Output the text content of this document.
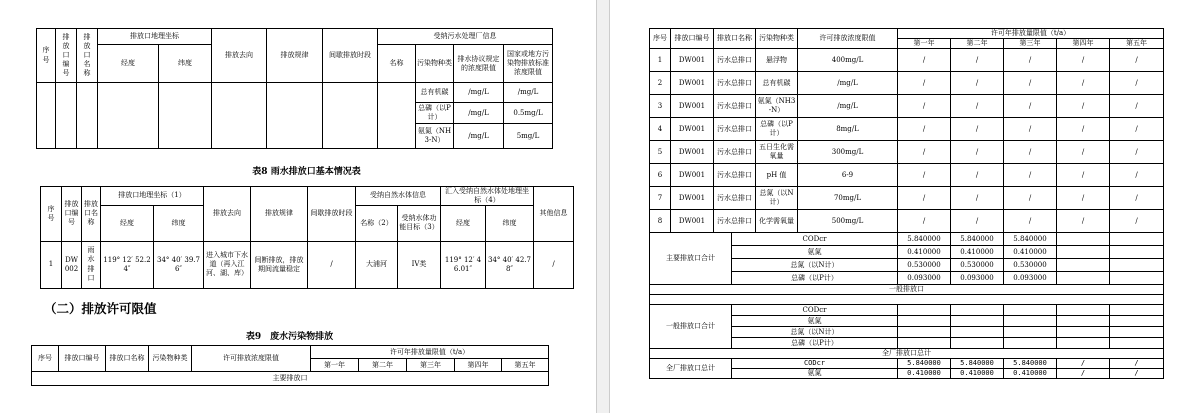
序号	排放口编号	排放口名称	排放口地理坐标		排放去向	排放规律	间歇排放时段	受纳污水处理厂信息			
			经度	纬度				名称	污染物种类	排水协议规定的浓度限值	国家或地方污染物排放标准浓度限值
									总有机碳	/mg/L	/mg/L
									总磷（以P计）	/mg/L	0.5mg/L
									氨氮（NH3-N）	/mg/L	5mg/L
表8 雨水排放口基本情况表
序号	排放口编号	排放口名称	排放口地理坐标（1）		排放去向	排放规律	间歇排放时段	受纳自然水体信息		汇入受纳自然水体处地理坐标（4）		其他信息
			经度	纬度				名称（2）	受纳水体功能目标（3）	经度	纬度	
1	DW002	雨水排口	119° 12′ 52.24″	34° 40′ 39.76″	进入城市下水道（再入江河、湖、库）	间断排放，排放期间流量稳定	/	大浦河	IV类	119° 12′ 46.01″	34° 40′ 42.78″	/
（二）排放许可限值
表9　废水污染物排放
序号	排放口编号	排放口名称	污染物种类	许可排放浓度限值	许可年排放量限值（t/a）				
					第一年	第二年	第三年	第四年	第五年
主要排放口									
序号	排放口编号	排放口名称		污染物种类	许可排放浓度限值	许可年排放量限值（t/a）				
						第一年	第二年	第三年	第四年	第五年
1	DW001	污水总排口		悬浮物	400mg/L	/	/	/	/	/
2	DW001	污水总排口		总有机碳	/mg/L	/	/	/	/	/
3	DW001	污水总排口		氨氮（NH3-N）	/mg/L	/	/	/	/	/
4	DW001	污水总排口		总磷（以P计）	8mg/L	/	/	/	/	/
5	DW001	污水总排口		五日生化需氧量	300mg/L	/	/	/	/	/
6	DW001	污水总排口		pH 值	6-9	/	/	/	/	/
7	DW001	污水总排口		总氮（以N计）	70mg/L	/	/	/	/	/
8	DW001	污水总排口		化学需氧量	500mg/L	/	/	/	/	/
主要排放口合计			CODcr			5.840000	5.840000	5.840000		
			氨氮			0.410000	0.410000	0.410000		
			总氮（以N计）			0.530000	0.530000	0.530000		
			总磷（以P计）			0.093000	0.093000	0.093000		
一般排放口										

一般排放口合计			CODcr							
			氨氮							
			总氮（以N计）							
			总磷（以P计）							
全厂排放口总计										
全厂排放口总计			CODcr			5.840000	5.840000	5.840000	/	/
			氨氮			0.410000	0.410000	0.410000	/	/
